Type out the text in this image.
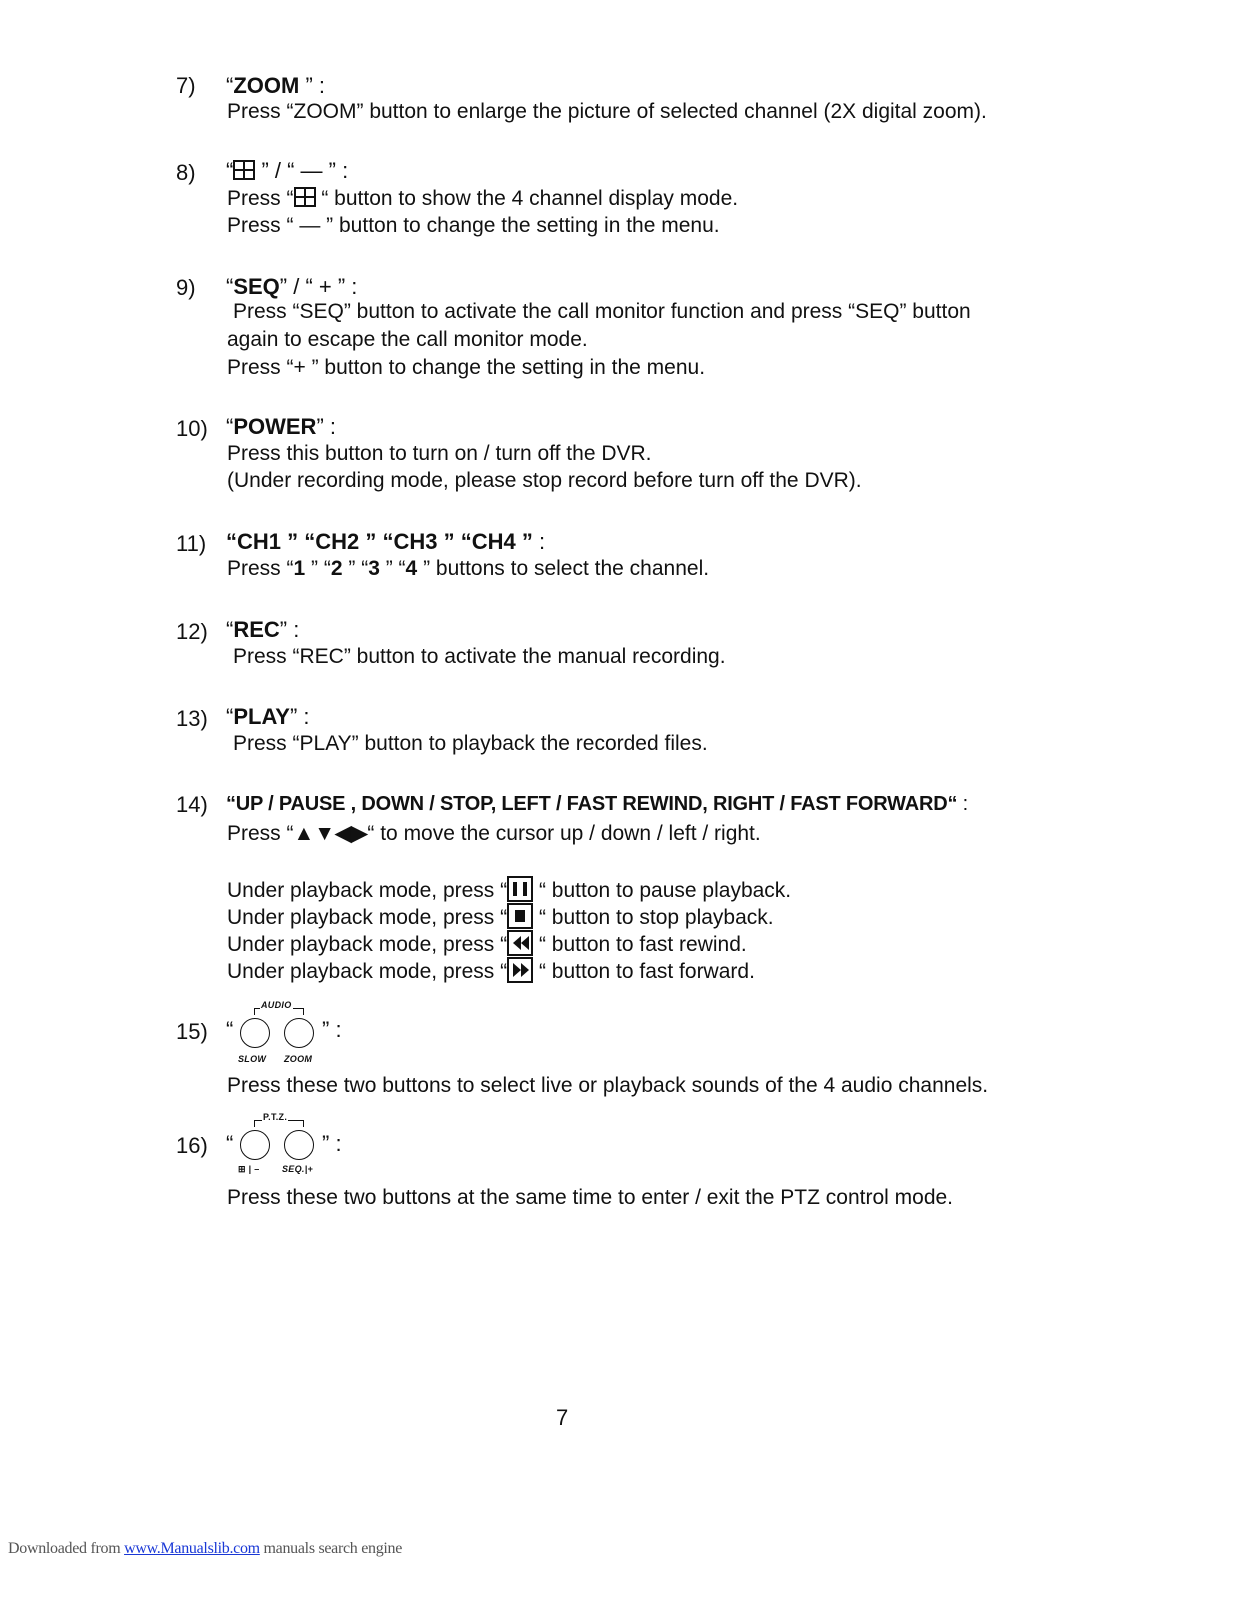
7) “ZOOM ” :
Press “ZOOM” button to enlarge the picture of selected channel (2X digital zoom).
8) “ ” / “ — ” :
Press “ “ button to show the 4 channel display mode.
Press “ — ” button to change the setting in the menu.
9) “SEQ” / “ + ” :
Press “SEQ” button to activate the call monitor function and press “SEQ” button
again to escape the call monitor mode.
Press “+ ” button to change the setting in the menu.
10) “POWER” :
Press this button to turn on / turn off the DVR.
(Under recording mode, please stop record before turn off the DVR).
11) “CH1 ” “CH2 ” “CH3 ” “CH4 ” :
Press “1 ” “2 ” “3 ” “4 ” buttons to select the channel.
12) “REC” :
Press “REC” button to activate the manual recording.
13) “PLAY” :
Press “PLAY” button to playback the recorded files.
14) “UP / PAUSE , DOWN / STOP, LEFT / FAST REWIND, RIGHT / FAST FORWARD“ :
Press “▲▼◀▶“ to move the cursor up / down / left / right.
Under playback mode, press “
“ button to pause playback.
Under playback mode, press “
“ button to stop playback.
Under playback mode, press “
“ button to fast rewind.
Under playback mode, press “
“ button to fast forward.
15)
AUDIO
“	” :
SLOW ZOOM
Press these two buttons to select live or playback sounds of the 4 audio channels.
16)
P.T.Z.
“	” :
⊞ | – SEQ.|+
Press these two buttons at the same time to enter / exit the PTZ control mode.
7
Downloaded from www.Manualslib.com manuals search engine
